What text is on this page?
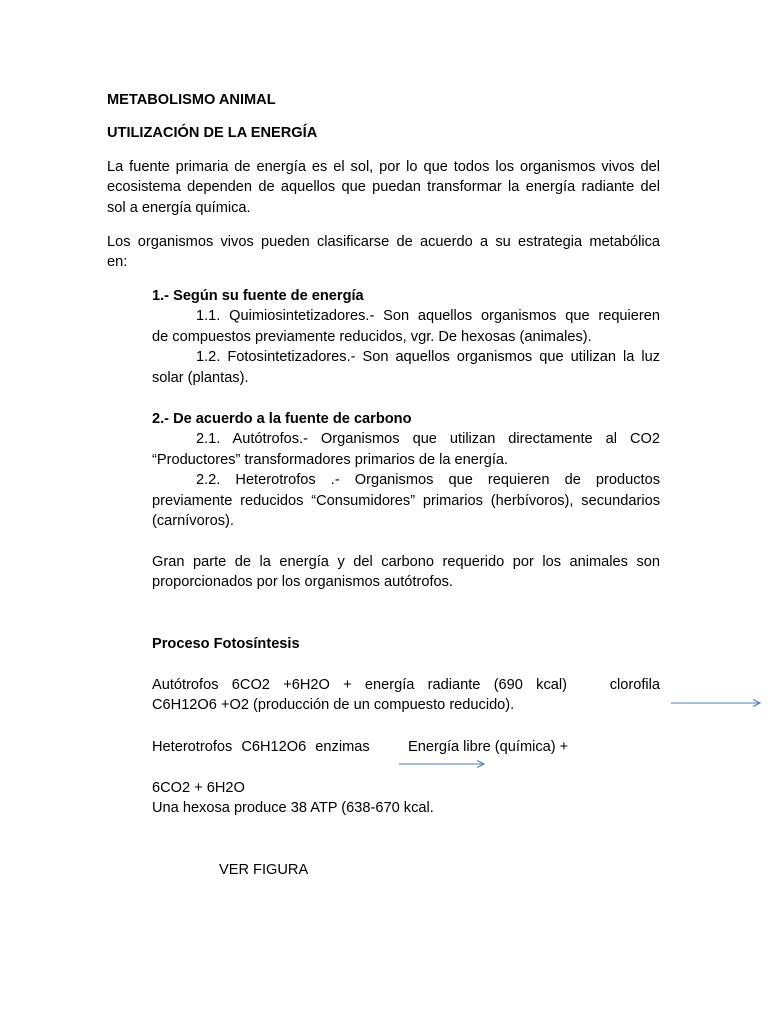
METABOLISMO ANIMAL
UTILIZACIÓN DE LA ENERGÍA
La fuente primaria de energía es el sol, por lo que todos los organismos vivos del
ecosistema dependen de aquellos que puedan transformar la energía radiante del
sol a energía química.
Los organismos vivos pueden clasificarse de acuerdo a su estrategia metabólica
en:
1.- Según su fuente de energía
1.1. Quimiosintetizadores.- Son aquellos organismos que requieren
de compuestos previamente reducidos, vgr. De hexosas (animales).
1.2. Fotosintetizadores.- Son aquellos organismos que utilizan la luz
solar (plantas).
2.- De acuerdo a la fuente de carbono
2.1. Autótrofos.- Organismos que utilizan directamente al CO2
“Productores” transformadores primarios de la energía.
2.2. Heterotrofos .- Organismos que requieren de productos
previamente reducidos “Consumidores” primarios (herbívoros), secundarios
(carnívoros).
Gran parte de la energía y del carbono requerido por los animales son
proporcionados por los organismos autótrofos.
Proceso Fotosíntesis
Autótrofos 6CO2 +6H2O + energía radiante (690 kcal)	clorofila
C6H12O6 +O2 (producción de un compuesto reducido).
Heterotrofos C6H12O6 enzimas	Energía libre (química) +
6CO2 + 6H2O
Una hexosa produce 38 ATP (638-670 kcal.
VER FIGURA
